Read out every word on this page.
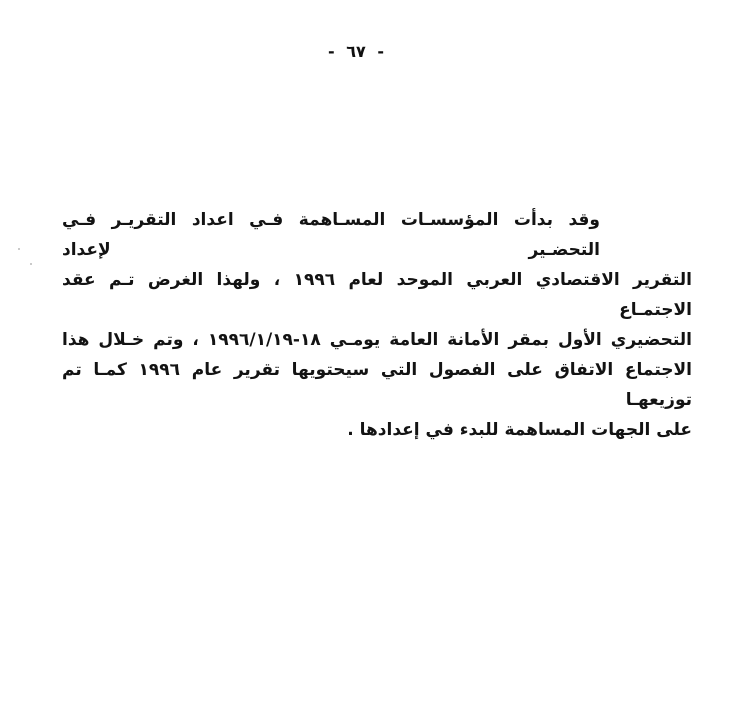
- ٦٧ -
وقد بدأت المؤسسـات المسـاهمة فـي اعداد التقريـر فـي التحضـير لإعداد
التقرير الاقتصادي العربي الموحد لعام ١٩٩٦ ، ولهذا الغرض تـم عقد الاجتمـاع
التحضيري الأول بمقر الأمانة العامة يومـي ‭١٩٩٦/١/١٩-١٨‬ ، وتم خـلال هذا
الاجتماع الاتفاق على الفصول التي سيحتويها تقرير عام ١٩٩٦ كمـا تم توزيعهـا
على الجهات المساهمة للبدء في إعدادها .
